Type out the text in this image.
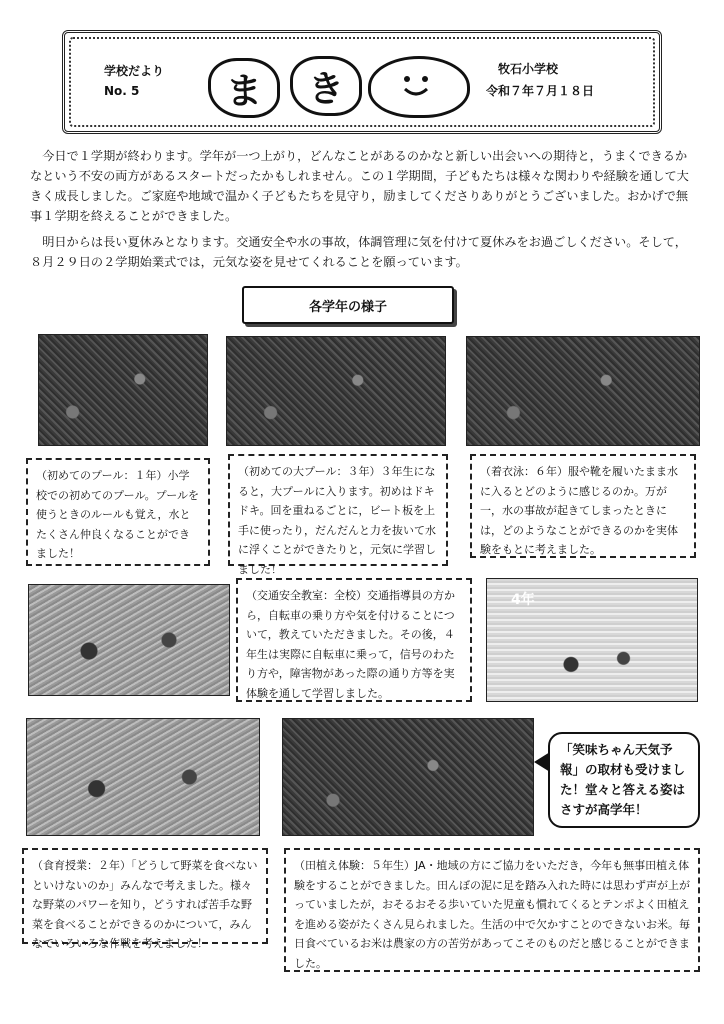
学校だより
No. 5	ま	き	牧石小学校
令和７年７月１８日

今日で１学期が終わります。学年が一つ上がり，どんなことがあるのかなと新しい出会いへの期待と，うまくできるかなという不安の両方があるスタートだったかもしれません。この１学期間，子どもたちは様々な関わりや経験を通して大きく成長しました。ご家庭や地域で温かく子どもたちを見守り，励ましてくださりありがとうございました。おかげで無事１学期を終えることができました。

明日からは長い夏休みとなります。交通安全や水の事故，体調管理に気を付けて夏休みをお過ごしください。そして，８月２９日の２学期始業式では，元気な姿を見せてくれることを願っています。

各学年の様子
（初めてのプール：１年）小学校での初めてのプール。プールを使うときのルールも覚え，水とたくさん仲良くなることができました！
（初めての大プール：３年）３年生になると，大プールに入ります。初めはドキドキ。回を重ねるごとに，ビート板を上手に使ったり，だんだんと力を抜いて水に浮くことができたりと，元気に学習しました！
（着衣泳：６年）服や靴を履いたまま水に入るとどのように感じるのか。万が一，水の事故が起きてしまったときには，どのようなことができるのかを実体験をもとに考えました。
（交通安全教室：全校）交通指導員の方から，自転車の乗り方や気を付けることについて，教えていただきました。その後，４年生は実際に自転車に乗って，信号のわたり方や，障害物があった際の通り方等を実体験を通して学習しました。
4年
「笑味ちゃん天気予報」の取材も受けました！堂々と答える姿はさすが高学年！
（食育授業：２年）「どうして野菜を食べないといけないのか」みんなで考えました。様々な野菜のパワーを知り，どうすれば苦手な野菜を食べることができるのかについて，みんなでいろいろな作戦を考えました！
（田植え体験：５年生）JA・地域の方にご協力をいただき，今年も無事田植え体験をすることができました。田んぼの泥に足を踏み入れた時には思わず声が上がっていましたが，おそるおそる歩いていた児童も慣れてくるとテンポよく田植えを進める姿がたくさん見られました。生活の中で欠かすことのできないお米。毎日食べているお米は農家の方の苦労があってこそのものだと感じることができました。
